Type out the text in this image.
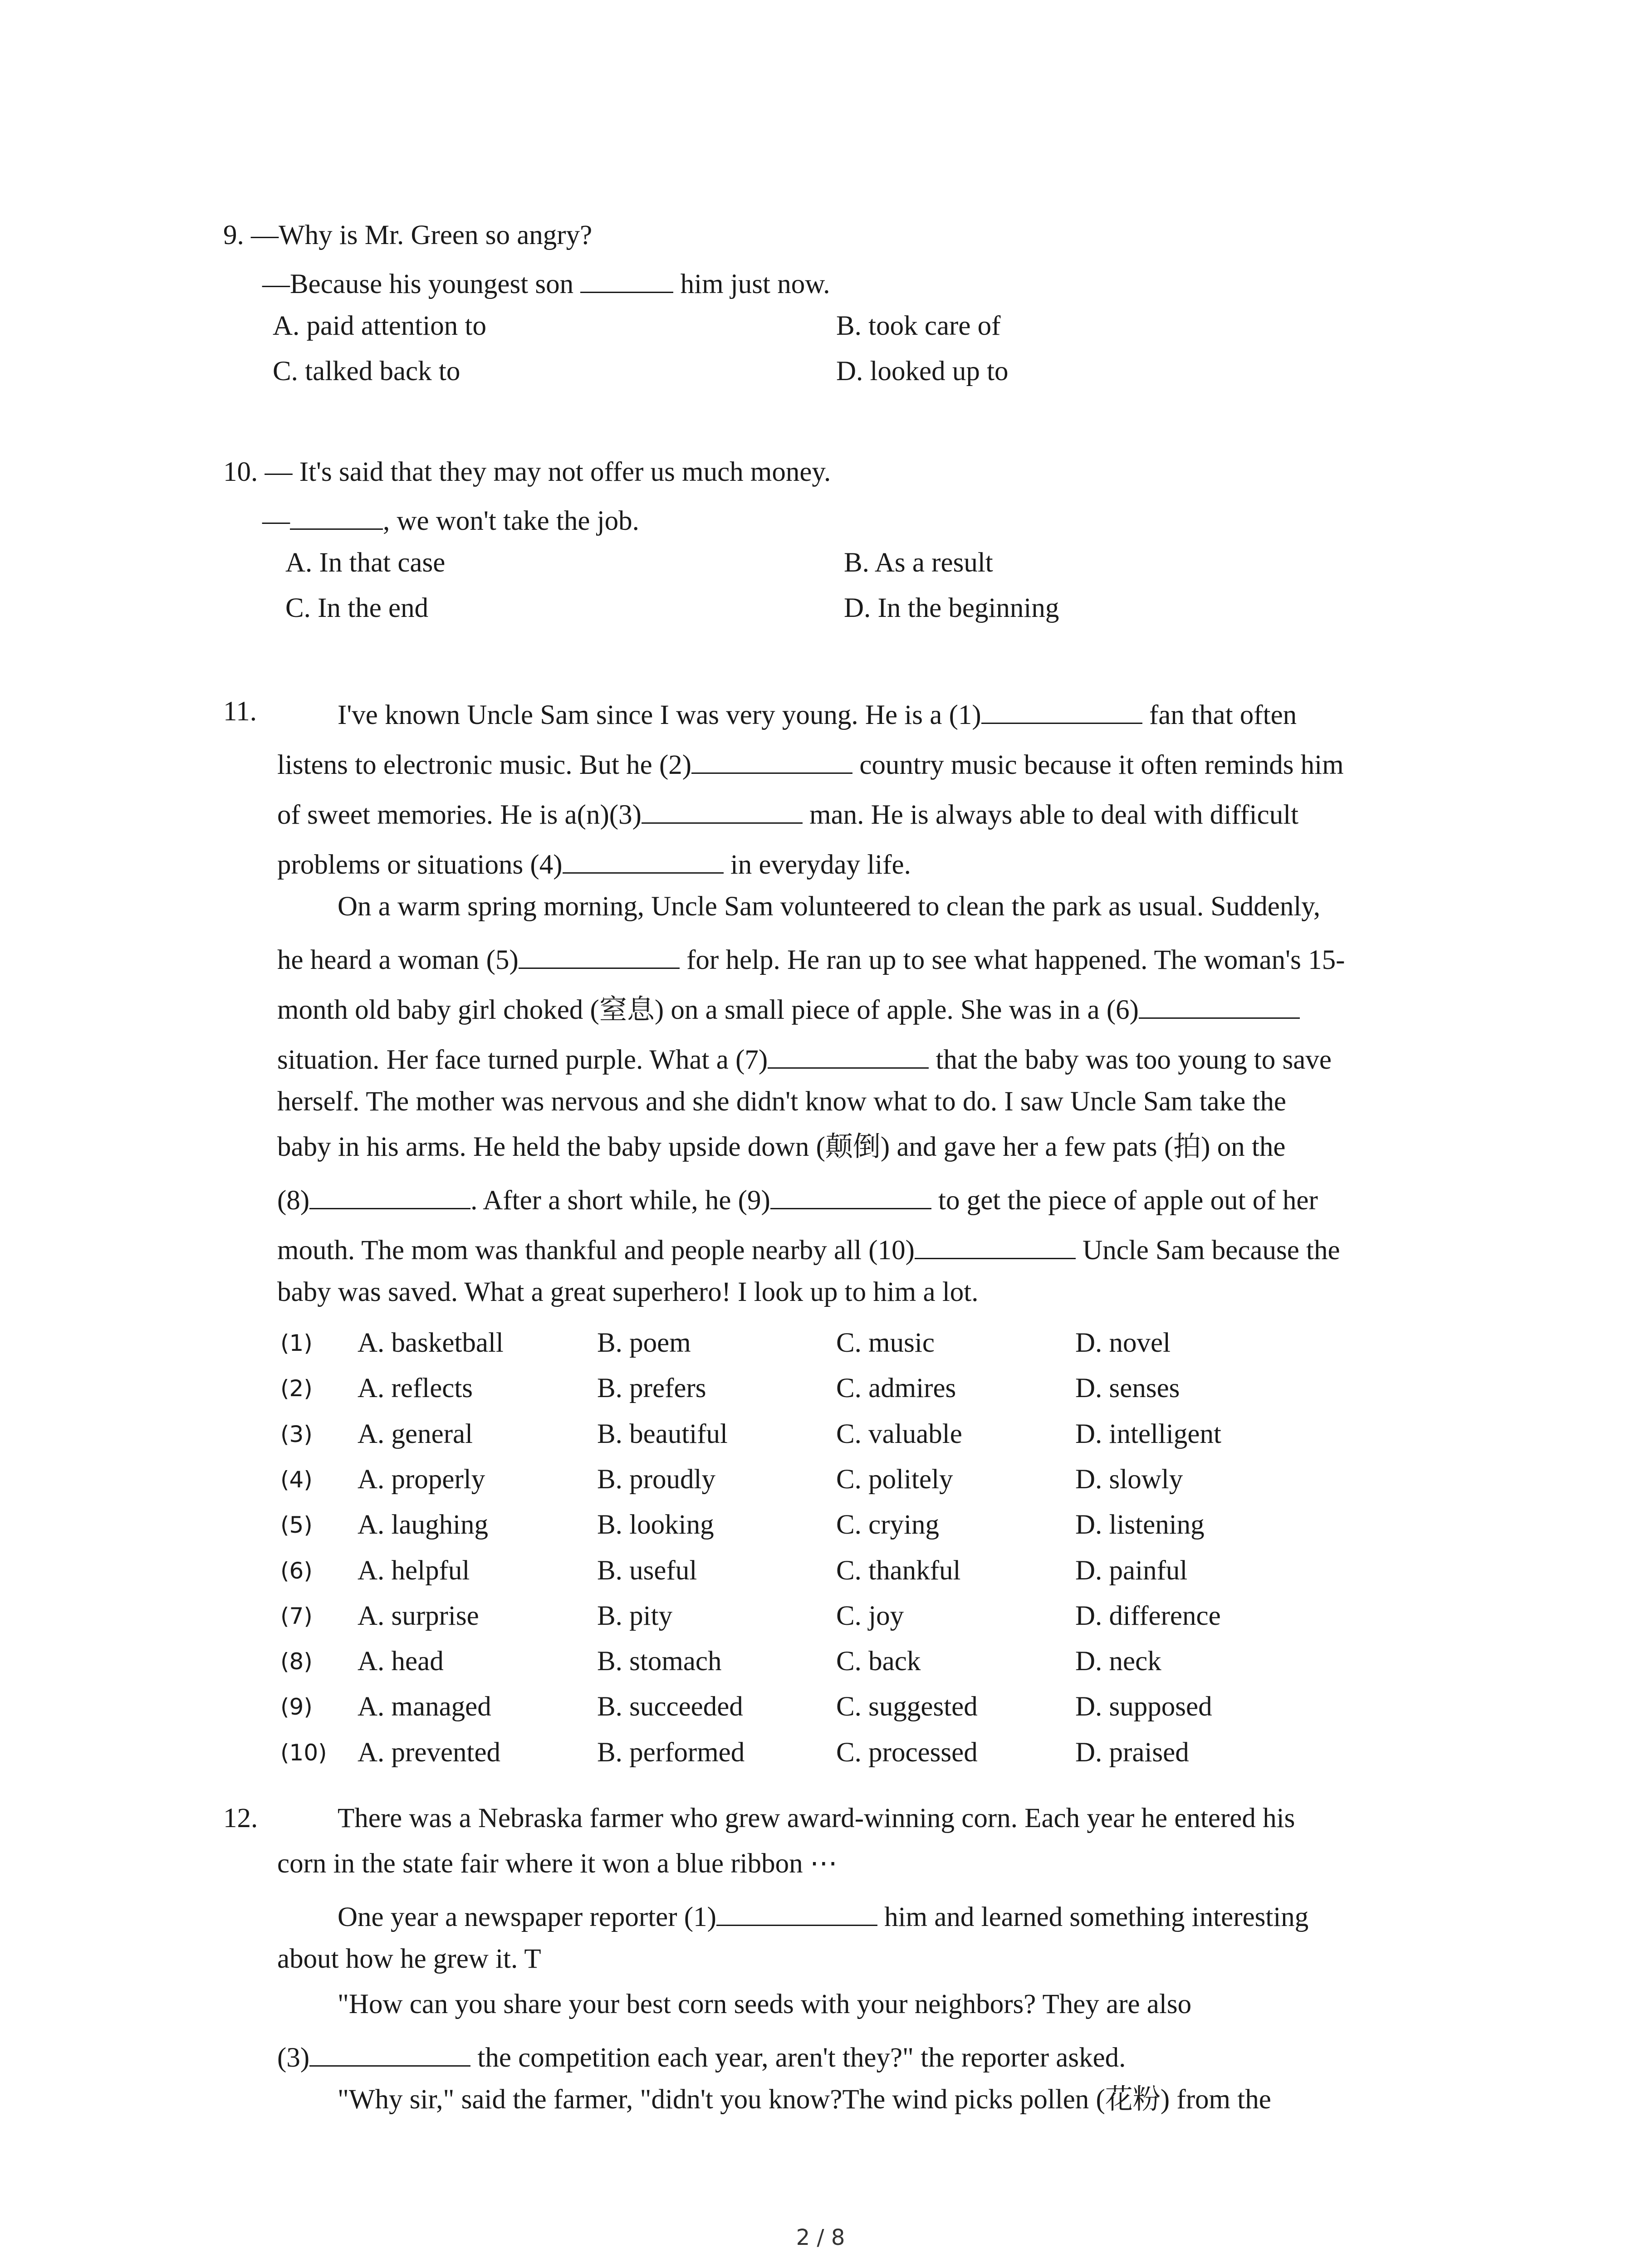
9. —Why is Mr. Green so angry?
—Because his youngest son	him just now.
A. paid attention to	B. took care of
C. talked back to	D. looked up to
10. — It's said that they may not offer us much money.
—	, we won't take the job.
A. In that case	B. As a result
C. In the end	D. In the beginning
11.	I've known Uncle Sam since I was very young. He is a (1)	fan that often
listens to electronic music. But he (2)	country music because it often reminds him
of sweet memories. He is a(n)(3)	man. He is always able to deal with difficult
problems or situations (4)	in everyday life.
On a warm spring morning, Uncle Sam volunteered to clean the park as usual. Suddenly,
he heard a woman (5)	for help. He ran up to see what happened. The woman's 15-
month old baby girl choked (窒息) on a small piece of apple. She was in a (6)
situation. Her face turned purple. What a (7)	that the baby was too young to save
herself. The mother was nervous and she didn't know what to do. I saw Uncle Sam take the
baby in his arms. He held the baby upside down (颠倒) and gave her a few pats (拍) on the
(8)	. After a short while, he (9)	to get the piece of apple out of her
mouth. The mom was thankful and people nearby all (10)	Uncle Sam because the
baby was saved. What a great superhero! I look up to him a lot.
(1) A. basketball	B. poem	C. music	D. novel
(2) A. reflects	B. prefers	C. admires	D. senses
(3) A. general	B. beautiful	C. valuable	D. intelligent
(4) A. properly	B. proudly	C. politely	D. slowly
(5) A. laughing	B. looking	C. crying	D. listening
(6) A. helpful	B. useful	C. thankful	D. painful
(7) A. surprise	B. pity	C. joy	D. difference
(8) A. head	B. stomach	C. back	D. neck
(9) A. managed	B. succeeded	C. suggested	D. supposed
(10) A. prevented	B. performed	C. processed	D. praised
12.	There was a Nebraska farmer who grew award-winning corn. Each year he entered his
corn in the state fair where it won a blue ribbon ⋯
One year a newspaper reporter (1)	him and learned something interesting
about how he grew it. T
"How can you share your best corn seeds with your neighbors? They are also
(3)	the competition each year, aren't they?" the reporter asked.
"Why sir," said the farmer, "didn't you know?The wind picks pollen (花粉) from the
2 / 8
